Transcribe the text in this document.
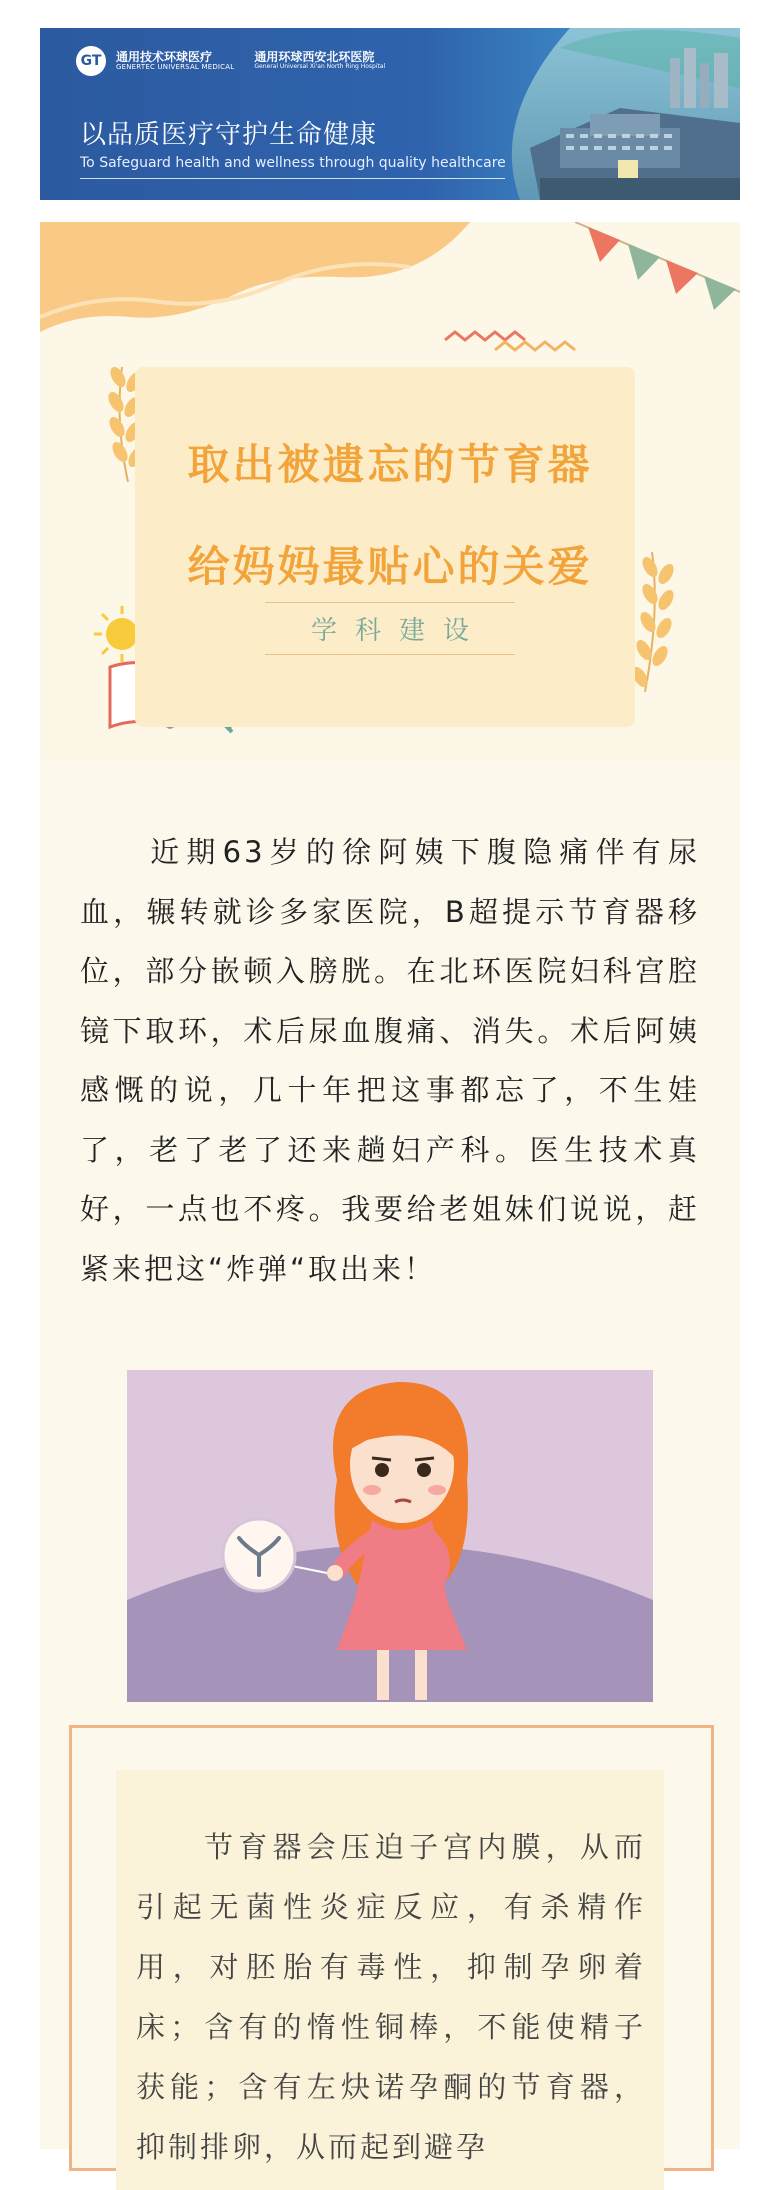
GT	通用技术环球医疗
GENERTEC UNIVERSAL MEDICAL
通用环球西安北环医院
General Universal Xi'an North Ring Hospital
以品质医疗守护生命健康
To Safeguard health and wellness through quality healthcare
取出被遗忘的节育器
给妈妈最贴心的关爱
学科建设

近期63岁的徐阿姨下腹隐痛伴有尿血，辗转就诊多家医院，B超提示节育器移位，部分嵌顿入膀胱。在北环医院妇科宫腔镜下取环，术后尿血腹痛、消失。术后阿姨感慨的说，几十年把这事都忘了，不生娃了，老了老了还来趟妇产科。医生技术真好，一点也不疼。我要给老姐妹们说说，赶紧来把这“炸弹“取出来！

节育器会压迫子宫内膜，从而引起无菌性炎症反应，有杀精作用，对胚胎有毒性，抑制孕卵着床；含有的惰性铜棒，不能使精子获能；含有左炔诺孕酮的节育器，抑制排卵，从而起到避孕
